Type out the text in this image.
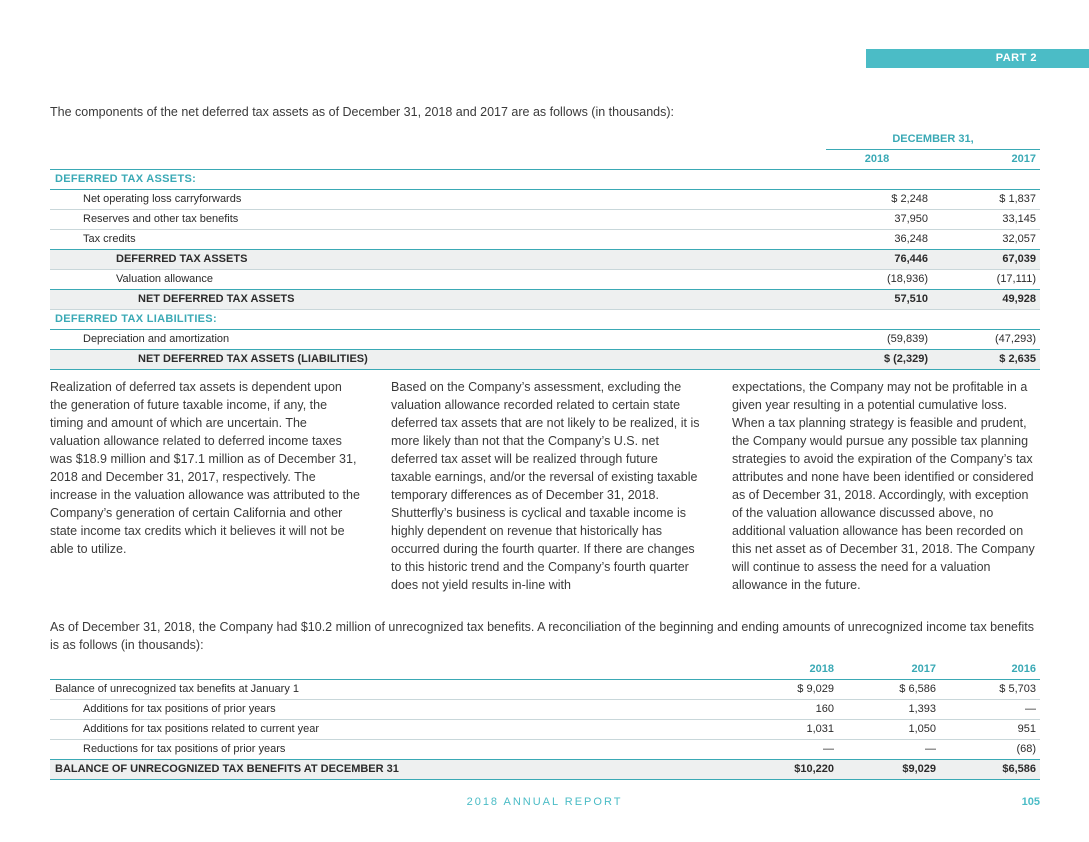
PART 2
The components of the net deferred tax assets as of December 31, 2018 and 2017 are as follows (in thousands):
	DECEMBER 31,	
	2018	2017
DEFERRED TAX ASSETS:		
Net operating loss carryforwards	$ 2,248	$ 1,837
Reserves and other tax benefits	37,950	33,145
Tax credits	36,248	32,057
DEFERRED TAX ASSETS	76,446	67,039
Valuation allowance	(18,936)	(17,111)
NET DEFERRED TAX ASSETS	57,510	49,928
DEFERRED TAX LIABILITIES:		
Depreciation and amortization	(59,839)	(47,293)
NET DEFERRED TAX ASSETS (LIABILITIES)	$ (2,329)	$ 2,635
Realization of deferred tax assets is dependent upon the generation of future taxable income, if any, the timing and amount of which are uncertain. The valuation allowance related to deferred income taxes was $18.9 million and $17.1 million as of December 31, 2018 and December 31, 2017, respectively. The increase in the valuation allowance was attributed to the Company’s generation of certain California and other state income tax credits which it believes it will not be able to utilize.
Based on the Company’s assessment, excluding the valuation allowance recorded related to certain state deferred tax assets that are not likely to be realized, it is more likely than not that the Company’s U.S. net deferred tax asset will be realized through future taxable earnings, and/or the reversal of existing taxable temporary differences as of December 31, 2018. Shutterfly’s business is cyclical and taxable income is highly dependent on revenue that historically has occurred during the fourth quarter. If there are changes to this historic trend and the Company’s fourth quarter does not yield results in-line with
expectations, the Company may not be profitable in a given year resulting in a potential cumulative loss. When a tax planning strategy is feasible and prudent, the Company would pursue any possible tax planning strategies to avoid the expiration of the Company’s tax attributes and none have been identified or considered as of December 31, 2018. Accordingly, with exception of the valuation allowance discussed above, no additional valuation allowance has been recorded on this net asset as of December 31, 2018. The Company will continue to assess the need for a valuation allowance in the future.
As of December 31, 2018, the Company had $10.2 million of unrecognized tax benefits. A reconciliation of the beginning and ending amounts of unrecognized income tax benefits is as follows (in thousands):
	2018	2017	2016
Balance of unrecognized tax benefits at January 1	$ 9,029	$ 6,586	$ 5,703
Additions for tax positions of prior years	160	1,393	—
Additions for tax positions related to current year	1,031	1,050	951
Reductions for tax positions of prior years	—	—	(68)
BALANCE OF UNRECOGNIZED TAX BENEFITS AT DECEMBER 31	$10,220	$9,029	$6,586
2018 ANNUAL REPORT	105
